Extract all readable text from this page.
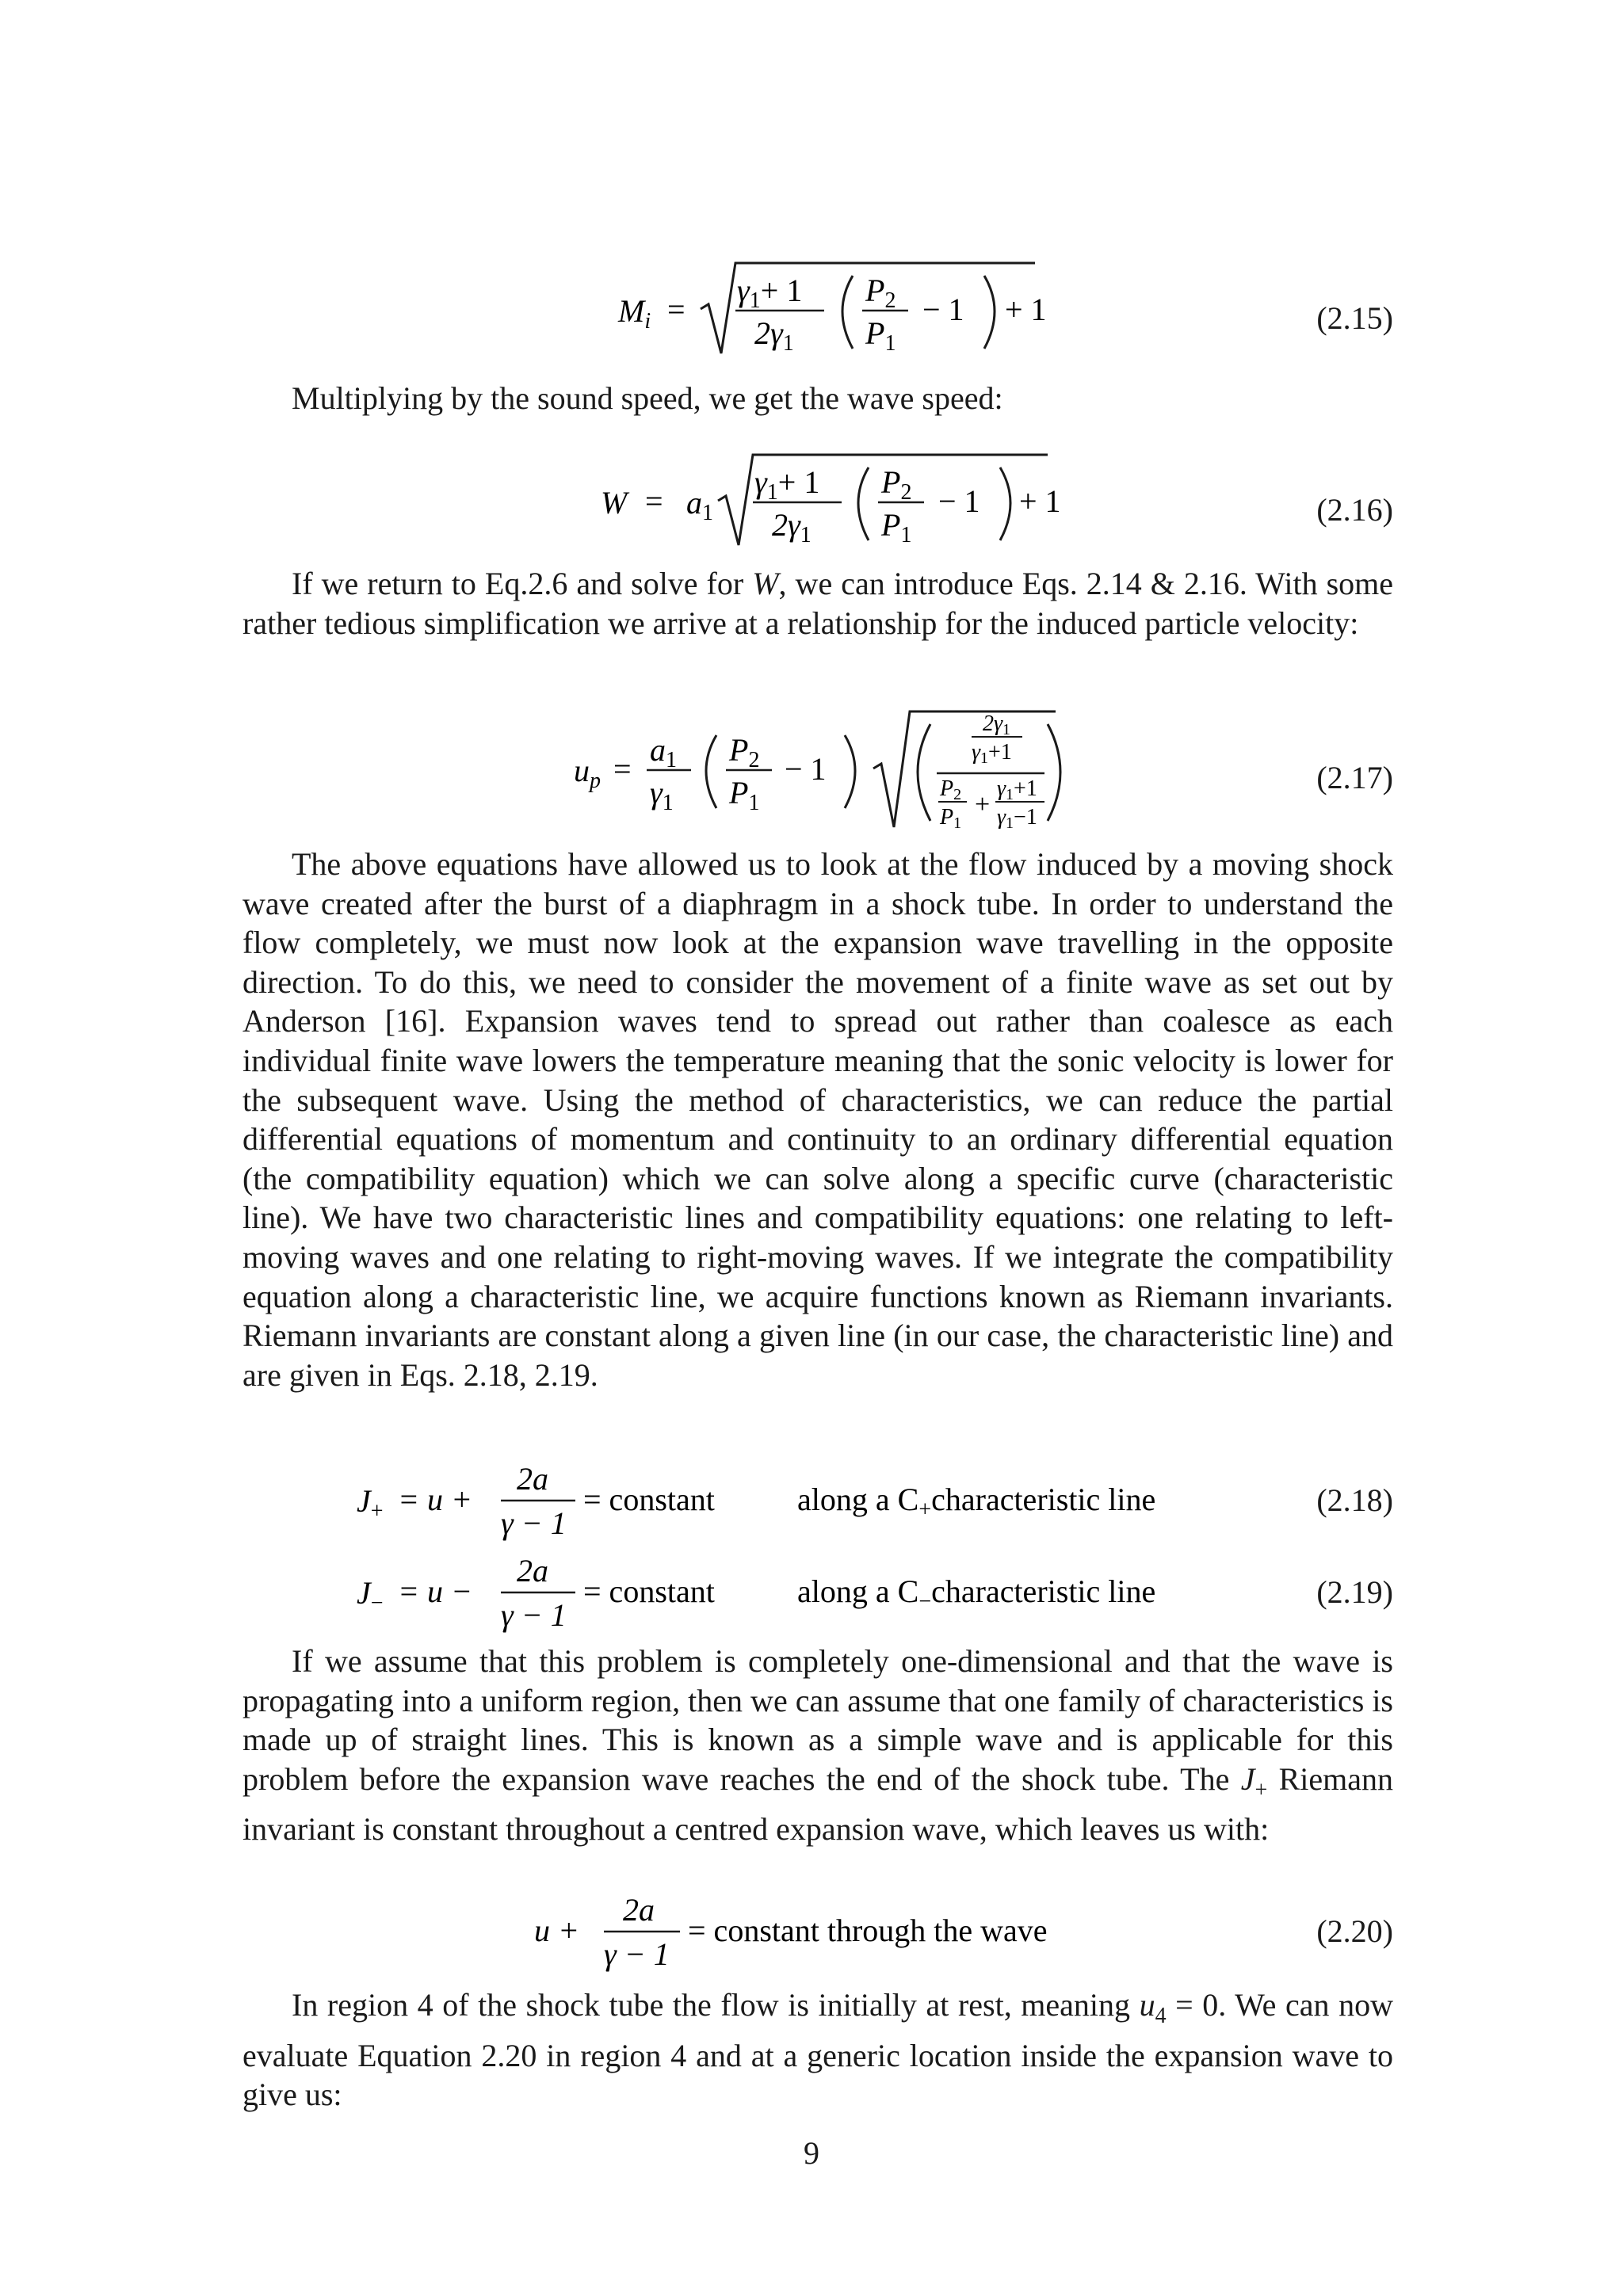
$M_i$ =
$\gamma_1+ 1$
$2\gamma_1$
$P_2$
$P_1$
− 1 + 1	(2.15)
Multiplying by the sound speed, we get the wave speed:
$W = a_1$
$\gamma_1+ 1$
$2\gamma_1$
$P_2$
$P_1$
− 1 + 1	(2.16)
If we return to Eq.2.6 and solve for W, we can introduce Eqs. 2.14 & 2.16. With some rather tedious simplification we arrive at a relationship for the induced particle velocity:
$u_p$ =
$a_1$
$\gamma_1$
$P_2$
$P_1$
− 1
2γ1
γ1+1
P2
P1
+
γ1+1
γ1−1
(2.17)
The above equations have allowed us to look at the flow induced by a moving shock wave created after the burst of a diaphragm in a shock tube. In order to understand the flow completely, we must now look at the expansion wave travelling in the opposite direction. To do this, we need to consider the movement of a finite wave as set out by Anderson [16]. Expansion waves tend to spread out rather than coalesce as each individual finite wave lowers the temperature meaning that the sonic velocity is lower for the subsequent wave. Using the method of characteristics, we can reduce the partial differential equations of momentum and continuity to an ordinary differential equation (the compatibility equation) which we can solve along a specific curve (characteristic line). We have two characteristic lines and compatibility equations: one relating to left-moving waves and one relating to right-moving waves. If we integrate the compatibility equation along a characteristic line, we acquire functions known as Riemann invariants. Riemann invariants are constant along a given line (in our case, the characteristic line) and are given in Eqs. 2.18, 2.19.
$J_+ = u$ +
2a
γ − 1
= constant	along a $C_+characteristic$ line	(2.18)
$J_- = u$ −
2a
γ − 1
= constant	along a $C_-characteristic$ line	(2.19)
If we assume that this problem is completely one-dimensional and that the wave is propagating into a uniform region, then we can assume that one family of characteristics is made up of straight lines. This is known as a simple wave and is applicable for this problem before the expansion wave reaches the end of the shock tube. The $J_+$ Riemann invariant is constant throughout a centred expansion wave, which leaves us with:
u +
2a
γ − 1
= constant through the wave	(2.20)
In region 4 of the shock tube the flow is initially at rest, meaning $u_4 = 0$. We can now evaluate Equation 2.20 in region 4 and at a generic location inside the expansion wave to give us:
9
